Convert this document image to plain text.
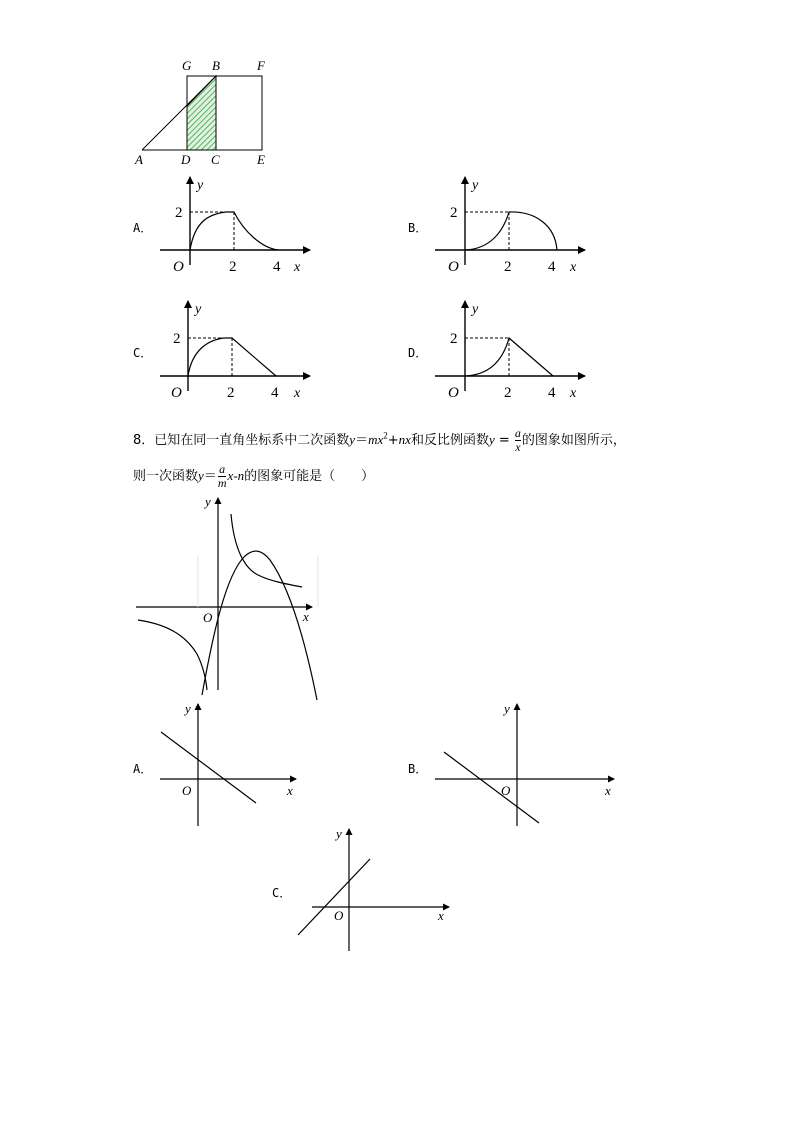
G B	F
A	D C	E
A．
2
2 4
O	x
y
B．
2
2 4
O	x
y
C．
2
2 4
O	x
y
D．
2
2 4
O	x
y
8．已知在同一直角坐标系中二次函数$y=mx^2+nx$和反比例函数$y = \frac{a}{x}$ 的图象如图所示，
则一次函数$y= \frac{a}{m} x-n$的图象可能是（　　）
O	x
y
A．
O	x
y
B．
O	x
y
C．
O	x
y
